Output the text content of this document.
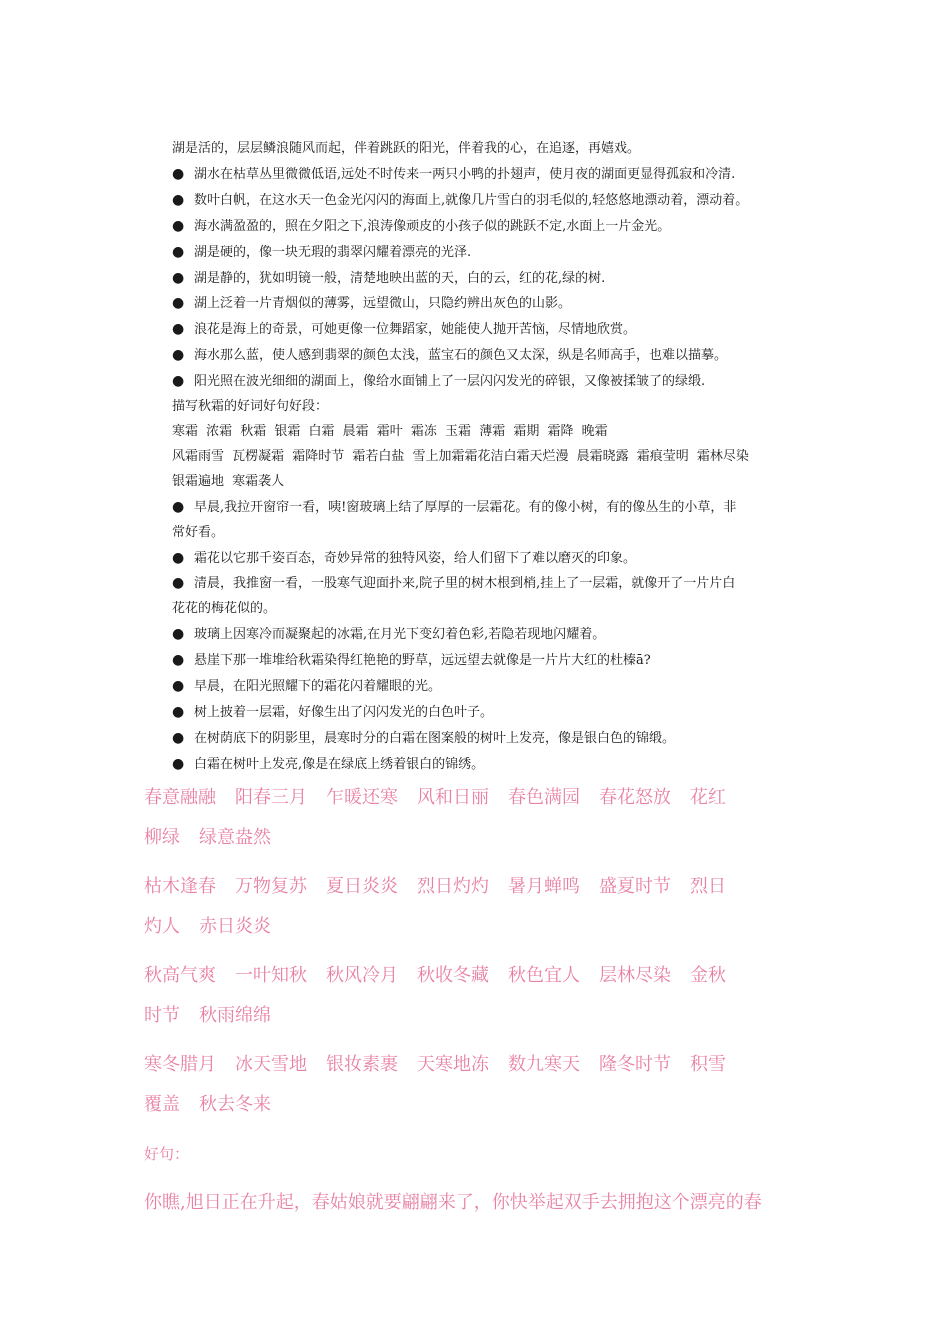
湖是活的，层层鳞浪随风而起，伴着跳跃的阳光，伴着我的心，在追逐，再嬉戏。
● 湖水在枯草丛里微微低语,远处不时传来一两只小鸭的扑翅声，使月夜的湖面更显得孤寂和冷清.
● 数叶白帆，在这水天一色金光闪闪的海面上,就像几片雪白的羽毛似的,轻悠悠地漂动着，漂动着。
● 海水满盈盈的，照在夕阳之下,浪涛像顽皮的小孩子似的跳跃不定,水面上一片金光。
● 湖是硬的，像一块无瑕的翡翠闪耀着漂亮的光泽.
● 湖是静的，犹如明镜一般，清楚地映出蓝的天，白的云，红的花,绿的树.
● 湖上泛着一片青烟似的薄雾，远望微山，只隐约辨出灰色的山影。
● 浪花是海上的奇景，可她更像一位舞蹈家，她能使人抛开苦恼，尽情地欣赏。
● 海水那么蓝，使人感到翡翠的颜色太浅，蓝宝石的颜色又太深，纵是名师高手，也难以描摹。
● 阳光照在波光细细的湖面上，像给水面铺上了一层闪闪发光的碎银，又像被揉皱了的绿缎.
描写秋霜的好词好句好段：
寒霜 浓霜 秋霜 银霜 白霜 晨霜 霜叶 霜冻 玉霜 薄霜 霜期 霜降 晚霜
风霜雨雪 瓦楞凝霜 霜降时节 霜若白盐 雪上加霜霜花洁白霜天烂漫 晨霜晓露 霜痕莹明 霜林尽染
银霜遍地 寒霜袭人
● 早晨,我拉开窗帘一看，咦!窗玻璃上结了厚厚的一层霜花。有的像小树，有的像丛生的小草，非
常好看。
● 霜花以它那千姿百态，奇妙异常的独特风姿，给人们留下了难以磨灭的印象。
● 清晨，我推窗一看，一股寒气迎面扑来,院子里的树木根到梢,挂上了一层霜，就像开了一片片白
花花的梅花似的。
● 玻璃上因寒冷而凝聚起的冰霜,在月光下变幻着色彩,若隐若现地闪耀着。
● 悬崖下那一堆堆给秋霜染得红艳艳的野草，远远望去就像是一片片大红的杜榛ā?
● 早晨，在阳光照耀下的霜花闪着耀眼的光。
● 树上披着一层霜，好像生出了闪闪发光的白色叶子。
● 在树荫底下的阴影里，晨寒时分的白霜在图案般的树叶上发亮，像是银白色的锦缎。
● 白霜在树叶上发亮,像是在绿底上绣着银白的锦绣。
春意融融 阳春三月 乍暖还寒 风和日丽 春色满园 春花怒放 花红
柳绿 绿意盎然
枯木逢春 万物复苏 夏日炎炎 烈日灼灼 暑月蝉鸣 盛夏时节 烈日
灼人 赤日炎炎
秋高气爽 一叶知秋 秋风冷月 秋收冬藏 秋色宜人 层林尽染 金秋
时节 秋雨绵绵
寒冬腊月 冰天雪地 银妆素裹 天寒地冻 数九寒天 隆冬时节 积雪
覆盖 秋去冬来
好句：
你瞧,旭日正在升起，春姑娘就要翩翩来了，你快举起双手去拥抱这个漂亮的春
